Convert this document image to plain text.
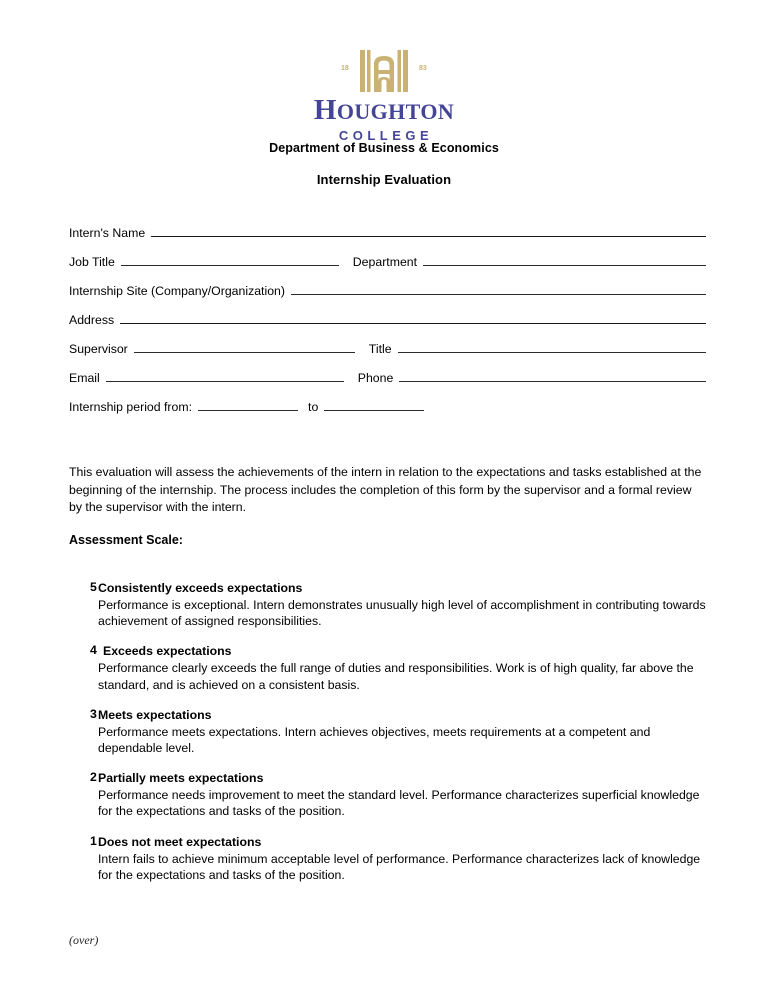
18	83
HOUGHTON
COLLEGE
Department of Business & Economics
Internship Evaluation
Intern's Name
Job Title	Department
Internship Site (Company/Organization)
Address
Supervisor	Title
Email	Phone
Internship period from:	to

This evaluation will assess the achievements of the intern in relation to the expectations and tasks established at the beginning of the internship. The process includes the completion of this form by the supervisor and a formal review by the supervisor with the intern.

Assessment Scale:
5 Consistently exceeds expectations
Performance is exceptional. Intern demonstrates unusually high level of accomplishment in contributing towards achievement of assigned responsibilities.
4 Exceeds expectations
Performance clearly exceeds the full range of duties and responsibilities. Work is of high quality, far above the standard, and is achieved on a consistent basis.
3 Meets expectations
Performance meets expectations. Intern achieves objectives, meets requirements at a competent and dependable level.
2 Partially meets expectations
Performance needs improvement to meet the standard level. Performance characterizes superficial knowledge for the expectations and tasks of the position.
1 Does not meet expectations
Intern fails to achieve minimum acceptable level of performance. Performance characterizes lack of knowledge for the expectations and tasks of the position.
(over)
